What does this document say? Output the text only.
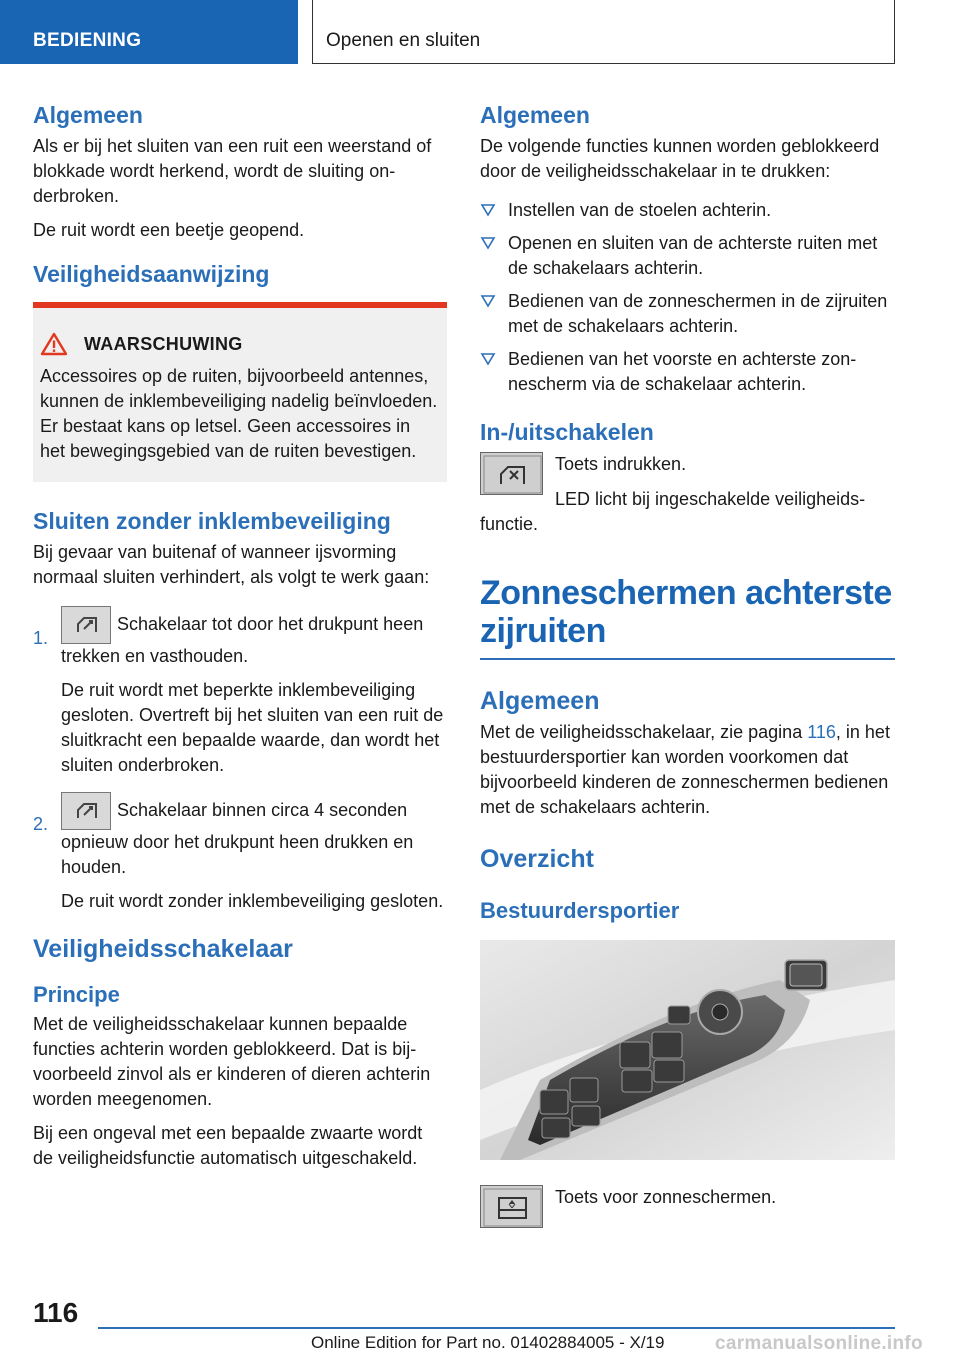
BEDIENING	Openen en sluiten
Algemeen

Als er bij het sluiten van een ruit een weerstand of blokkade wordt herkend, wordt de sluiting onderbroken.

De ruit wordt een beetje geopend.

Veiligheidsaanwijzing
WAARSCHUWING

Accessoires op de ruiten, bijvoorbeeld antennes, kunnen de inklembeveiliging nadelig beïnvloeden. Er bestaat kans op letsel. Geen accessoires in het bewegingsgebied van de ruiten bevestigen.

Sluiten zonder inklembeveiliging

Bij gevaar van buitenaf of wanneer ijsvorming normaal sluiten verhindert, als volgt te werk gaan:

1.

Schakelaar tot door het drukpunt heen trekken en vasthouden.

De ruit wordt met beperkte inklembeveiliging gesloten. Overtreft bij het sluiten van een ruit de sluitkracht een bepaalde waarde, dan wordt het sluiten onderbroken.

2.

Schakelaar binnen circa 4 seconden opnieuw door het drukpunt heen drukken en houden.

De ruit wordt zonder inklembeveiliging gesloten.

Veiligheidsschakelaar
Principe

Met de veiligheidsschakelaar kunnen bepaalde functies achterin worden geblokkeerd. Dat is bijvoorbeeld zinvol als er kinderen of dieren achterin worden meegenomen.

Bij een ongeval met een bepaalde zwaarte wordt de veiligheidsfunctie automatisch uitgeschakeld.

Algemeen

De volgende functies kunnen worden geblokkeerd door de veiligheidsschakelaar in te drukken:

Instellen van de stoelen achterin.
Openen en sluiten van de achterste ruiten met de schakelaars achterin.
Bedienen van de zonneschermen in de zijruiten met de schakelaars achterin.
Bedienen van het voorste en achterste zonnescherm via de schakelaar achterin.
In-/uitschakelen

Toets indrukken.

LED licht bij ingeschakelde veiligheidsfunctie.

Zonneschermen achterste zijruiten
Algemeen

Met de veiligheidsschakelaar, zie pagina 116, in het bestuurdersportier kan worden voorkomen dat bijvoorbeeld kinderen de zonneschermen bedienen met de schakelaars achterin.

Overzicht
Bestuurdersportier

Toets voor zonneschermen.

116
Online Edition for Part no. 01402884005 - X/19	carmanualsonline.info
